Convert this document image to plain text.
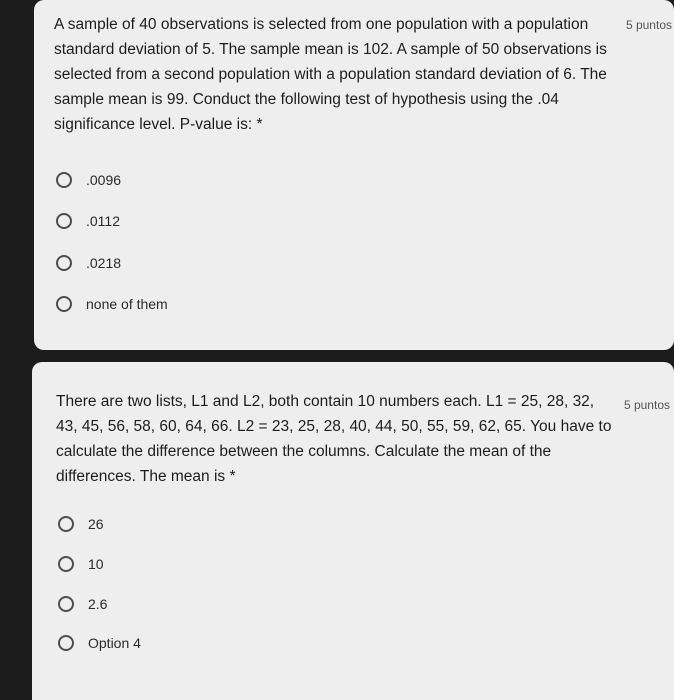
5 puntos

A sample of 40 observations is selected from one population with a population standard deviation of 5. The sample mean is 102. A sample of 50 observations is selected from a second population with a population standard deviation of 6. The sample mean is 99. Conduct the following test of hypothesis using the .04 significance level. P-value is: *

.0096
.0112
.0218
none of them
5 puntos

There are two lists, L1 and L2, both contain 10 numbers each. L1 = 25, 28, 32, 43, 45, 56, 58, 60, 64, 66. L2 = 23, 25, 28, 40, 44, 50, 55, 59, 62, 65. You have to calculate the difference between the columns. Calculate the mean of the differences. The mean is *

26
10
2.6
Option 4
